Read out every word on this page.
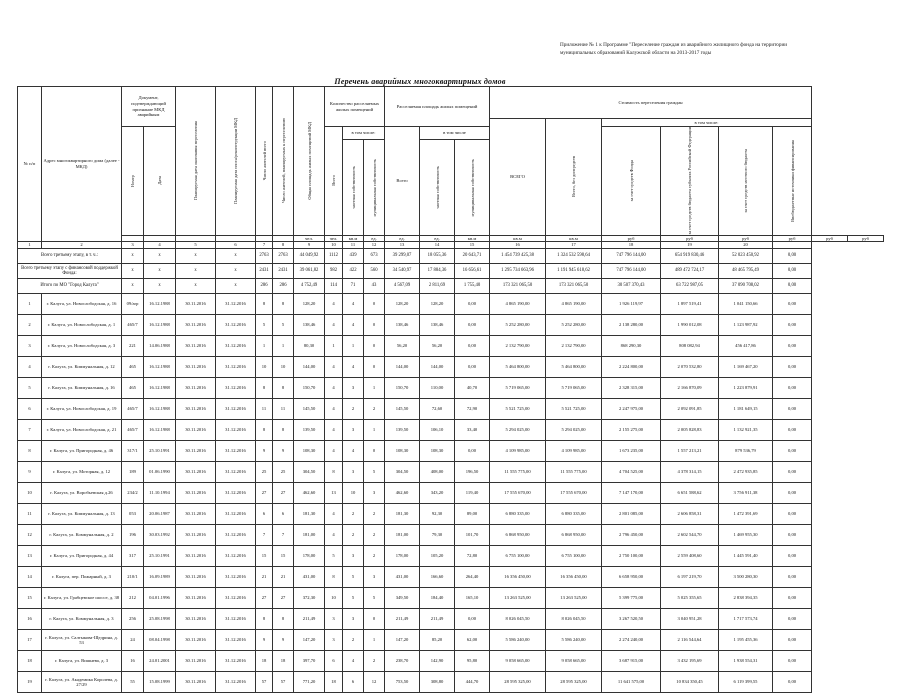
Приложение № 1 к Программе "Переселение граждан из аварийного жилищного фонда на территории
муниципальных образований Калужской области на 2013-2017 годы
Перечень аварийных многоквартирных домов
№ п/п	Адрес многоквартирного дома (далее - МКД)	Документ, подтверждающий признание МКД аварийным		Планируемая дата окончания переселения	Планируемая дата сноса/реконструкции МКД	Число жителей всего	Число жителей, планируемых к переселению	Общая площадь жилых помещений МКД	Количество расселяемых жилых помещений			Расселяемая площадь жилых помещений			Стоимость переселения граждан							
															ВСЕГО	Всего, без допсредств	в том числе:					

		Номер	Дата						Всего	в том числе:		Всего	в том числе				за счет средств Фонда	за счет средств бюджета субъекта Российской Федерации	за счет средств местного бюджета	Внебюджетные источники финансирования		

										частная собственность	муниципальная собственность		частная собственность	муниципальная собственность								

								чел.	чел.	кв.м	ед.	ед.	ед.	кв.м	кв.м	кв.м	руб	руб	руб	руб	руб	руб
1	2	3	4	5	6	7	8	9	10	11	12	13	14	15	16	17	18	19	20			
Всего третьему этапу, в т. ч.:		x	x	x	x	2763	2763	44 049,92	1112	439	673	39 299,07	18 055,36	20 643,71	1 454 739 425,38	1 324 532 598,64	747 796 144,00	654 919 830,46	52 023 450,92	0,00		
Всего третьему этапу с финансовой поддержкой Фонда:		x	x	x	x	2431	2431	39 061,82	982	422	560	34 540,97	17 884,36	16 656,61	1 295 734 663,96	1 191 945 618,62	747 796 144,00	489 472 724,17	48 465 795,49	0,00		
Итого по МО "Город Калуга"		x	x	x	x	286	286	4 752,49	114	71	43	4 567,09	2 811,69	1 755,40	173 321 065,50	173 321 065,50	30 507 370,43	63 722 987,05	37 090 708,02	0,00		
1	г. Калуга, ул. Новослободская, д. 16	09/arp	16.12.1988	30.11.2016	31.12.2016	8	8	128,20	4	4	0	128,20	128,20	0,00	4 865 190,00	4 865 190,00	1 926 119,97	1 897 519,41	1 041 150,66	0,00		
2	г. Калуга, ул. Новослободская, д. 1	465/7	16.12.1988	30.11.2016	31.12.2016	5	5	138,46	4	4	0	138,46	138,46	0,00	5 252 280,00	5 252 280,00	2 138 280,00	1 990 012,08	1 123 987,92	0,00		
3	г. Калуга, ул. Новослободская, д. 3	221	14.06.1988	30.11.2016	31.12.2016	1	1	80,30	1	1	0	56,20	56,20	0,00	2 132 790,00	2 132 790,00	868 290,30	808 082,94	456 417,86	0,00		
4	г. Калуга, ул. Коммунальная, д. 12	465	16.12.1988	30.11.2016	31.12.2016	10	10	144,00	4	4	0	144,00	144,00	0,00	5 464 800,00	5 464 800,00	2 224 800,00	2 070 532,80	1 169 467,20	0,00		
5	г. Калуга, ул. Коммунальная, д. 16	465	16.12.1988	30.11.2016	31.12.2016	8	8	150,70	4	3	1	150,70	110,00	40,70	5 719 065,00	5 719 065,00	2 328 315,00	2 166 870,09	1 223 879,91	0,00		
6	г. Калуга, ул. Новослободская, д. 19	465/7	16.12.1988	30.11.2016	31.12.2016	11	11	145,50	4	2	2	145,50	72,60	72,90	5 521 725,00	5 521 725,00	2 247 975,00	2 092 091,85	1 181 649,15	0,00		
7	г. Калуга, ул. Новослободская, д. 21	465/7	16.12.1988	30.11.2016	31.12.2016	8	8	139,50	4	3	1	139,50	106,10	33,40	5 294 025,00	5 294 025,00	2 155 275,00	2 005 828,83	1 132 921,35	0,00		
8	г. Калуга, ул. Пригородная, д. 46	317/1	25.10.1991	30.11.2016	31.12.2016	9	9	108,30	4	4	0	108,30	108,30	0,00	4 109 985,00	4 109 985,00	1 673 235,00	1 557 213,21	879 536,79	0,00		
9	г. Калуга, ул. Моторная, д. 12	189	01.06.1990	30.11.2016	31.12.2016	25	25	304,50	8	3	5	304,50	408,00	196,50	11 555 775,00	11 555 775,00	4 704 525,00	4 378 314,15	2 472 935,85	0,00		
10	г. Калуга, ул. Воробьевская д.26	234/2	11.10.1994	30.11.2016	31.12.2016	27	27	462,60	13	10	3	462,60	343,20	119,40	17 555 670,00	17 555 670,00	7 147 170,00	6 651 588,62	3 756 911,38	0,00		
11	г. Калуга, ул. Коммунальная, д. 13	053	20.06.1987	30.11.2016	31.12.2016	6	6	181,30	4	2	2	181,30	92,30	89,00	6 880 335,00	6 880 335,00	2 801 085,00	2 606 858,31	1 472 391,69	0,00		
12	г. Калуга, ул. Коммунальная, д. 2	196	30.03.1992	30.11.2016	31.12.2016	7	7	181,00	4	2	2	181,00	79,30	101,70	6 868 950,00	6 868 950,00	2 796 450,00	2 602 544,70	1 469 955,30	0,00		
13	г. Калуга, ул. Пригородная, д. 44	317	25.10.1991	30.11.2016	31.12.2016	15	15	178,00	5	3	2	178,00	105,20	72,80	6 755 100,00	6 755 100,00	2 750 100,00	2 559 408,60	1 445 591,40	0,00		
14	г. Калуга, пер. Пожарный, д. 3	210/1	16.09.1989	30.11.2016	31.12.2016	21	21	431,00	8	5	3	431,00	166,60	264,40	16 356 450,00	16 356 450,00	6 658 950,00	6 197 219,70	3 500 280,30	0,00		
15	г. Калуга, ул. Грабцевское шоссе, д. 38	212	04.01.1996	30.11.2016	31.12.2016	27	27	372,30	10	5	5	349,50	184,40	165,10	13 263 525,00	13 263 525,00	5 399 775,00	5 025 355,65	2 838 394,35	0,00		
16	г. Калуга, ул. Коммунальная, д. 3	256	25.08.1998	30.11.2016	31.12.2016	8	8	211,49	3	3	0	211,49	211,49	0,00	8 026 045,50	8 026 045,50	3 267 520,50	3 040 951,28	1 717 573,74	0,00		
17	г. Калуга, ул. Салтыкова-Щедрина, д. 53	24	08.04.1998	30.11.2016	31.12.2016	9	9	147,20	3	2	1	147,20	85,20	62,00	5 586 240,00	5 586 240,00	2 274 240,00	2 116 544,64	1 195 455,36	0,00		
18	г. Калуга, ул. Вишнева, д. 3	16	24.01.2001	30.11.2016	31.12.2016	18	18	397,70	6	4	2	238,70	142,90	95,80	9 058 665,00	9 058 665,00	3 687 915,00	3 432 195,69	1 938 554,31	0,00		
19	г. Калуга, ул. Академика Королева, д. 27/29	55	15.08.1999	30.11.2016	31.12.2016	57	57	771,20	18	6	12	753,50	308,80	444,70	28 595 325,00	28 595 325,00	11 641 575,00	10 834 350,45	6 119 399,55	0,00		
